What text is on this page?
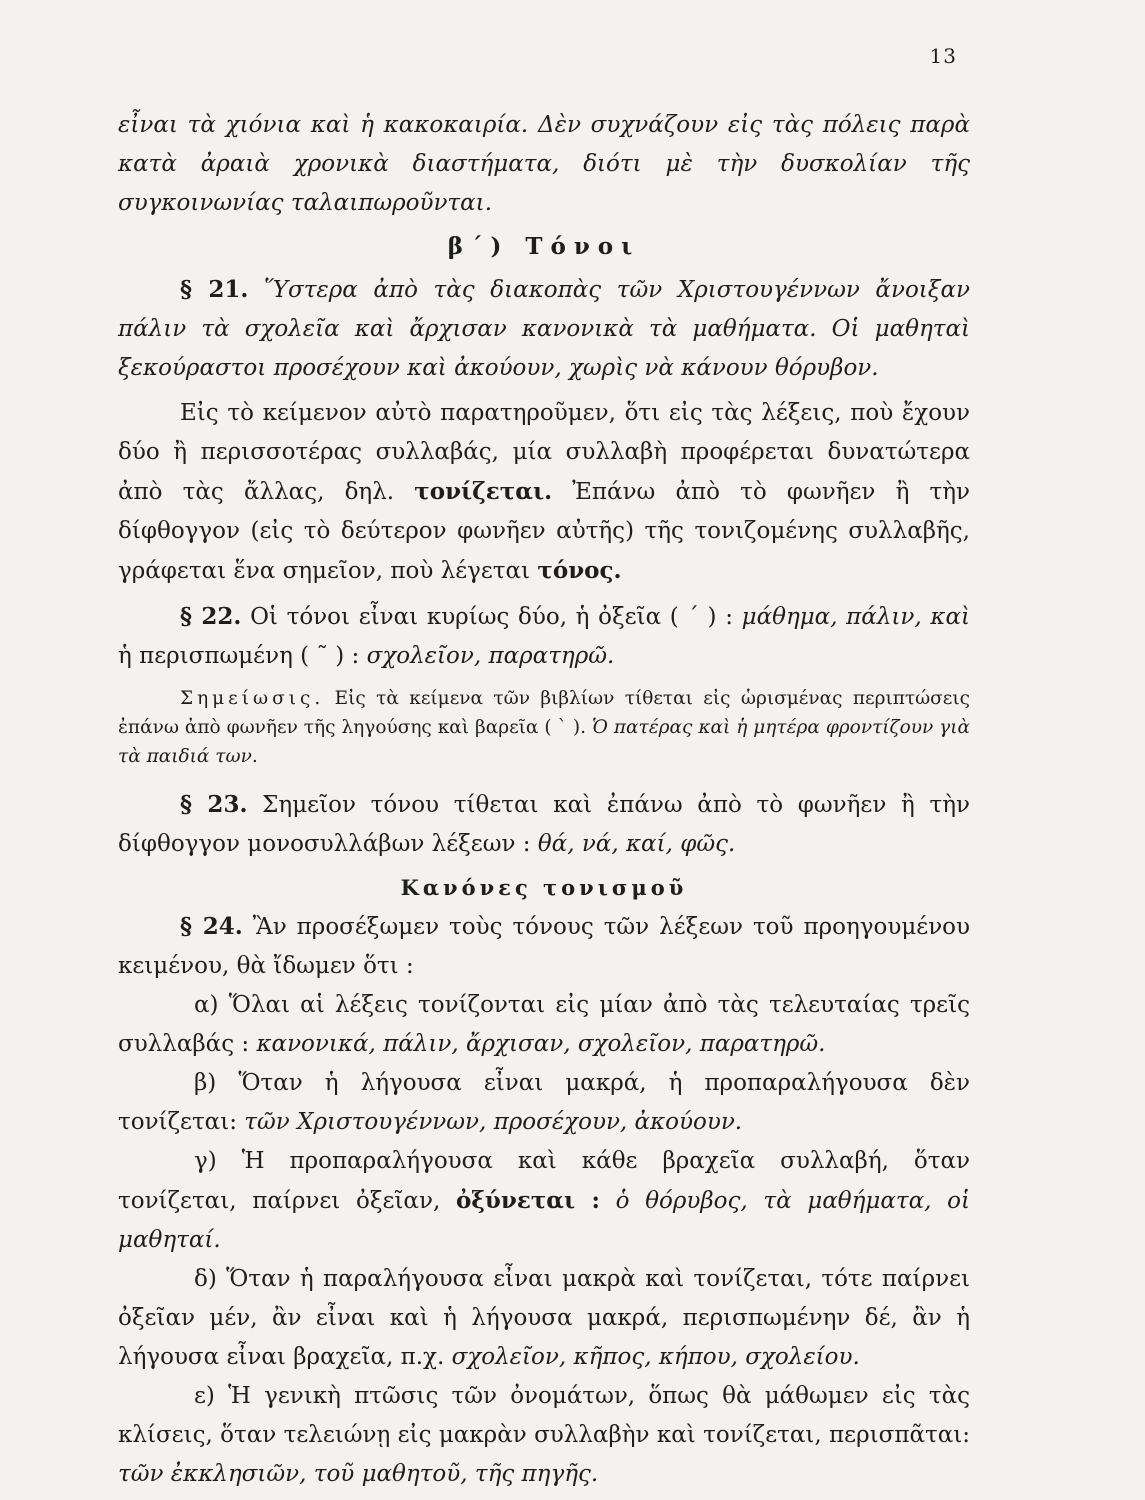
13

εἶναι τὰ χιόνια καὶ ἡ κακοκαιρία. Δὲν συχνάζουν εἰς τὰς πόλεις παρὰ κατὰ ἀραιὰ χρονικὰ διαστήματα, διότι μὲ τὴν δυσκολίαν τῆς συγκοινωνίας ταλαιπωροῦνται.

β΄) Τόνοι

§ 21. Ὕστερα ἀπὸ τὰς διακοπὰς τῶν Χριστουγέννων ἄνοιξαν πάλιν τὰ σχολεῖα καὶ ἄρχισαν κανονικὰ τὰ μαθήματα. Οἱ μαθηταὶ ξεκούραστοι προσέχουν καὶ ἀκούουν, χωρὶς νὰ κάνουν θόρυβον.

Εἰς τὸ κείμενον αὐτὸ παρατηροῦμεν, ὅτι εἰς τὰς λέξεις, ποὺ ἔχουν δύο ἢ περισσοτέρας συλλαβάς, μία συλλαβὴ προφέρεται δυνατώτερα ἀπὸ τὰς ἄλλας, δηλ. τονίζεται. Ἐπάνω ἀπὸ τὸ φωνῆεν ἢ τὴν δίφθογγον (εἰς τὸ δεύτερον φωνῆεν αὐτῆς) τῆς τονιζομένης συλλαβῆς, γράφεται ἕνα σημεῖον, ποὺ λέγεται τόνος.

§ 22. Οἱ τόνοι εἶναι κυρίως δύο, ἡ ὀξεῖα ( ΄ ) : μάθημα, πάλιν, καὶ ἡ περισπωμένη ( ῀ ) : σχολεῖον, παρατηρῶ.

Σημείωσις. Εἰς τὰ κείμενα τῶν βιβλίων τίθεται εἰς ὡρισμένας περιπτώσεις ἐπάνω ἀπὸ φωνῆεν τῆς ληγούσης καὶ βαρεῖα ( ˋ ). Ὁ πατέρας καὶ ἡ μητέρα φροντίζουν γιὰ τὰ παιδιά των.

§ 23. Σημεῖον τόνου τίθεται καὶ ἐπάνω ἀπὸ τὸ φωνῆεν ἢ τὴν δίφθογγον μονοσυλλάβων λέξεων : θά, νά, καί, φῶς.

Κανόνες τονισμοῦ

§ 24. Ἂν προσέξωμεν τοὺς τόνους τῶν λέξεων τοῦ προηγουμένου κειμένου, θὰ ἴδωμεν ὅτι :

α) Ὅλαι αἱ λέξεις τονίζονται εἰς μίαν ἀπὸ τὰς τελευταίας τρεῖς συλλαβάς : κανονικά, πάλιν, ἄρχισαν, σχολεῖον, παρατηρῶ.

β) Ὅταν ἡ λήγουσα εἶναι μακρά, ἡ προπαραλήγουσα δὲν τονίζεται: τῶν Χριστουγέννων, προσέχουν, ἀκούουν.

γ) Ἡ προπαραλήγουσα καὶ κάθε βραχεῖα συλλαβή, ὅταν τονίζεται, παίρνει ὀξεῖαν, ὀξύνεται : ὁ θόρυβος, τὰ μαθήματα, οἱ μαθηταί.

δ) Ὅταν ἡ παραλήγουσα εἶναι μακρὰ καὶ τονίζεται, τότε παίρνει ὀξεῖαν μέν, ἂν εἶναι καὶ ἡ λήγουσα μακρά, περισπωμένην δέ, ἂν ἡ λήγουσα εἶναι βραχεῖα, π.χ. σχολεῖον, κῆπος, κήπου, σχολείου.

ε) Ἡ γενικὴ πτῶσις τῶν ὀνομάτων, ὅπως θὰ μάθωμεν εἰς τὰς κλίσεις, ὅταν τελειώνῃ εἰς μακρὰν συλλαβὴν καὶ τονίζεται, περισπᾶται: τῶν ἐκκλησιῶν, τοῦ μαθητοῦ, τῆς πηγῆς.
